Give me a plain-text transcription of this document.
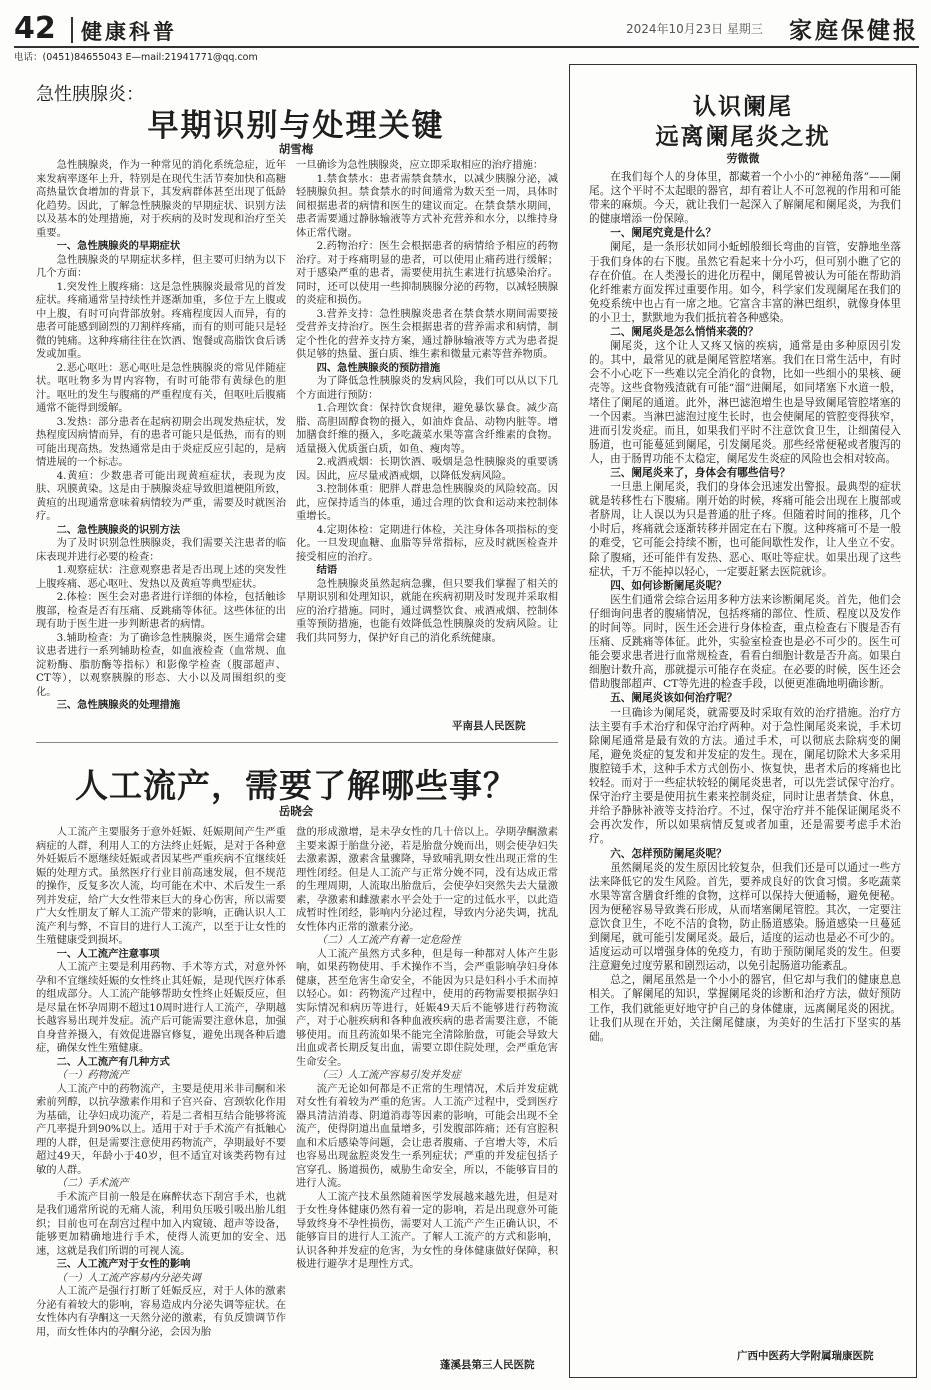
42 健康科普	2024年10月23日 星期三 家庭保健报
电话：(0451)84655043 E—mail:21941771@qq.com
急性胰腺炎：
早期识别与处理关键
胡雪梅

急性胰腺炎，作为一种常见的消化系统急症，近年来发病率逐年上升，特别是在现代生活节奏加快和高糖高热量饮食增加的背景下，其发病群体甚至出现了低龄化趋势。因此，了解急性胰腺炎的早期症状、识别方法以及基本的处理措施，对于疾病的及时发现和治疗至关重要。

一、急性胰腺炎的早期症状

急性胰腺炎的早期症状多样，但主要可归纳为以下几个方面：

1.突发性上腹疼痛：这是急性胰腺炎最常见的首发症状。疼痛通常呈持续性并逐渐加重，多位于左上腹或中上腹，有时可向背部放射。疼痛程度因人而异，有的患者可能感到剧烈的刀割样疼痛，而有的则可能只是轻微的钝痛。这种疼痛往往在饮酒、饱餐或高脂饮食后诱发或加重。

2.恶心呕吐：恶心呕吐是急性胰腺炎的常见伴随症状。呕吐物多为胃内容物，有时可能带有黄绿色的胆汁。呕吐的发生与腹痛的严重程度有关，但呕吐后腹痛通常不能得到缓解。

3.发热：部分患者在起病初期会出现发热症状，发热程度因病情而异，有的患者可能只是低热，而有的则可能出现高热。发热通常是由于炎症反应引起的，是病情进展的一个标志。

4.黄疸：少数患者可能出现黄疸症状，表现为皮肤、巩膜黄染。这是由于胰腺炎症导致胆道梗阻所致，黄疸的出现通常意味着病情较为严重，需要及时就医治疗。

二、急性胰腺炎的识别方法

为了及时识别急性胰腺炎，我们需要关注患者的临床表现并进行必要的检查：

1.观察症状：注意观察患者是否出现上述的突发性上腹疼痛、恶心呕吐、发热以及黄疸等典型症状。

2.体检：医生会对患者进行详细的体检，包括触诊腹部，检查是否有压痛、反跳痛等体征。这些体征的出现有助于医生进一步判断患者的病情。

3.辅助检查：为了确诊急性胰腺炎，医生通常会建议患者进行一系列辅助检查，如血液检查（血常规、血淀粉酶、脂肪酶等指标）和影像学检查（腹部超声、CT等），以观察胰腺的形态、大小以及周围组织的变化。

三、急性胰腺炎的处理措施

一旦确诊为急性胰腺炎，应立即采取相应的治疗措施：

1.禁食禁水：患者需禁食禁水，以减少胰腺分泌，减轻胰腺负担。禁食禁水的时间通常为数天至一周，具体时间根据患者的病情和医生的建议而定。在禁食禁水期间，患者需要通过静脉输液等方式补充营养和水分，以维持身体正常代谢。

2.药物治疗：医生会根据患者的病情给予相应的药物治疗。对于疼痛明显的患者，可以使用止痛药进行缓解；对于感染严重的患者，需要使用抗生素进行抗感染治疗。同时，还可以使用一些抑制胰腺分泌的药物，以减轻胰腺的炎症和损伤。

3.营养支持：急性胰腺炎患者在禁食禁水期间需要接受营养支持治疗。医生会根据患者的营养需求和病情，制定个性化的营养支持方案，通过静脉输液等方式为患者提供足够的热量、蛋白质、维生素和微量元素等营养物质。

四、急性胰腺炎的预防措施

为了降低急性胰腺炎的发病风险，我们可以从以下几个方面进行预防：

1.合理饮食：保持饮食规律，避免暴饮暴食。减少高脂、高胆固醇食物的摄入，如油炸食品、动物内脏等。增加膳食纤维的摄入，多吃蔬菜水果等富含纤维素的食物。适量摄入优质蛋白质，如鱼、瘦肉等。

2.戒酒戒烟：长期饮酒、吸烟是急性胰腺炎的重要诱因。因此，应尽量戒酒戒烟，以降低发病风险。

3.控制体重：肥胖人群患急性胰腺炎的风险较高。因此，应保持适当的体重，通过合理的饮食和运动来控制体重增长。

4.定期体检：定期进行体检，关注身体各项指标的变化。一旦发现血糖、血脂等异常指标，应及时就医检查并接受相应的治疗。

结语

急性胰腺炎虽然起病急骤，但只要我们掌握了相关的早期识别和处理知识，就能在疾病初期及时发现并采取相应的治疗措施。同时，通过调整饮食、戒酒戒烟、控制体重等预防措施，也能有效降低急性胰腺炎的发病风险。让我们共同努力，保护好自己的消化系统健康。

平南县人民医院
人工流产，需要了解哪些事？
岳晓会

人工流产主要服务于意外妊娠、妊娠期间产生严重病症的人群，利用人工的方法终止妊娠，是对于各种意外妊娠后不愿继续妊娠或者因某些严重疾病不宜继续妊娠的处理方式。虽然医疗行业目前高速发展，但不规范的操作，反复多次人流，均可能在术中、术后发生一系列并发症，给广大女性带来巨大的身心伤害，所以需要广大女性朋友了解人工流产带来的影响，正确认识人工流产利与弊，不盲目的进行人工流产，以至于让女性的生殖健康受到损坏。

一、人工流产注意事项

人工流产主要是利用药物、手术等方式，对意外怀孕和不宜继续妊娠的女性终止其妊娠，是现代医疗体系的组成部分。人工流产能够帮助女性终止妊娠反应，但是尽量在怀孕周期不超过10周时进行人工流产，孕期越长越容易出现并发症。流产后可能需要注意休息，加强自身营养摄入，有效促进器官修复，避免出现各种后遗症，确保女性生殖健康。

二、人工流产有几种方式

（一）药物流产

人工流产中的药物流产，主要是使用米非司酮和米索前列醇，以抗孕激素作用和子宫兴奋、宫颈软化作用为基础，让孕妇成功流产，若是二者相互结合能够将流产几率提升到90%以上。适用于对于手术流产有抵触心理的人群，但是需要注意使用药物流产，孕期最好不要超过49天，年龄小于40岁，但不适宜对该类药物有过敏的人群。

（二）手术流产

手术流产目前一般是在麻醉状态下刮宫手术，也就是我们通常所说的无痛人流，利用负压吸引吸出胎儿组织；目前也可在刮宫过程中加入内窥镜、超声等设备，能够更加精确地进行手术，使得人流更加的安全、迅速，这就是我们所谓的可视人流。

三、人工流产对于女性的影响

（一）人工流产容易内分泌失调

人工流产是强行打断了妊娠反应，对于人体的激素分泌有着较大的影响，容易造成内分泌失调等症状。在女性体内有孕酮这一天然分泌的激素，有负反馈调节作用，而女性体内的孕酮分泌，会因为胎

盘的形成激增，是未孕女性的几十倍以上。孕期孕酮激素主要来源于胎盘分泌，若是胎盘分娩而出，则会使孕妇失去激素源，激素含量骤降，导致哺乳期女性出现正常的生理性闭经。但是人工流产与正常分娩不同，没有达成正常的生理周期，人流取出胎盘后，会使孕妇突然失去大量激素，孕激素和雌激素水平会处于一定的过低水平，以此造成暂时性闭经，影响内分泌过程，导致内分泌失调，扰乱女性体内正常的激素分泌。

（二）人工流产有着一定危险性

人工流产虽然方式多种，但是每一种都对人体产生影响，如果药物使用、手术操作不当，会严重影响孕妇身体健康，甚至危害生命安全，不能因为只是妇科小手术而掉以轻心。如：药物流产过程中，使用的药物需要根据孕妇实际情况和病历等进行，妊娠49天后不能够进行药物流产，对于心脏疾病和各种血液疾病的患者需要注意，不能够使用。而且药流如果不能完全清除胎盘，可能会导致大出血或者长期反复出血，需要立即住院处理，会严重危害生命安全。

（三）人工流产容易引发并发症

流产无论如何都是不正常的生理情况，术后并发症就对女性有着较为严重的危害。人工流产过程中，受到医疗器具清洁消毒、阴道消毒等因素的影响，可能会出现不全流产，使得阴道出血量增多，引发腹部阵痛；还有宫腔积血和术后感染等问题，会让患者腹痛、子宫增大等，术后也容易出现盆腔炎发生一系列症状；严重的并发症包括子宫穿孔、肠道损伤，威胁生命安全，所以，不能够盲目的进行人流。

人工流产技术虽然随着医学发展越来越先进，但是对于女性身体健康仍然有着一定的影响，若是出现意外可能导致终身不孕性损伤，需要对人工流产产生正确认识，不能够盲目的进行人工流产。了解人工流产的方式和影响，认识各种并发症的危害，为女性的身体健康做好保障，积极进行避孕才是理性方式。

蓬溪县第三人民医院
认识阑尾
远离阑尾炎之扰
劳微微

在我们每个人的身体里，都藏着一个小小的“神秘角落”——阑尾。这个平时不太起眼的器官，却有着让人不可忽视的作用和可能带来的麻烦。今天，就让我们一起深入了解阑尾和阑尾炎，为我们的健康增添一份保障。

一、阑尾究竟是什么？

阑尾，是一条形状如同小蚯蚓般细长弯曲的盲管，安静地坐落于我们身体的右下腹。虽然它看起来十分小巧，但可别小瞧了它的存在价值。在人类漫长的进化历程中，阑尾曾被认为可能在帮助消化纤维素方面发挥过重要作用。如今，科学家们发现阑尾在我们的免疫系统中也占有一席之地。它富含丰富的淋巴组织，就像身体里的小卫士，默默地为我们抵抗着各种感染。

二、阑尾炎是怎么悄悄来袭的？

阑尾炎，这个让人又疼又恼的疾病，通常是由多种原因引发的。其中，最常见的就是阑尾管腔堵塞。我们在日常生活中，有时会不小心吃下一些难以完全消化的食物，比如一些细小的果核、硬壳等。这些食物残渣就有可能“溜”进阑尾，如同堵塞下水道一般，堵住了阑尾的通道。此外，淋巴滤泡增生也是导致阑尾管腔堵塞的一个因素。当淋巴滤泡过度生长时，也会使阑尾的管腔变得狭窄，进而引发炎症。而且，如果我们平时不注意饮食卫生，让细菌侵入肠道，也可能蔓延到阑尾，引发阑尾炎。那些经常便秘或者腹泻的人，由于肠胃功能不太稳定，阑尾发生炎症的风险也会相对较高。

三、阑尾炎来了，身体会有哪些信号？

一旦患上阑尾炎，我们的身体会迅速发出警报。最典型的症状就是转移性右下腹痛。刚开始的时候，疼痛可能会出现在上腹部或者脐周，让人误以为只是普通的肚子疼。但随着时间的推移，几个小时后，疼痛就会逐渐转移并固定在右下腹。这种疼痛可不是一般的难受，它可能会持续不断，也可能间歇性发作，让人坐立不安。除了腹痛，还可能伴有发热、恶心、呕吐等症状。如果出现了这些症状，千万不能掉以轻心，一定要赶紧去医院就诊。

四、如何诊断阑尾炎呢？

医生们通常会综合运用多种方法来诊断阑尾炎。首先，他们会仔细询问患者的腹痛情况，包括疼痛的部位、性质、程度以及发作的时间等。同时，医生还会进行身体检查，重点检查右下腹是否有压痛、反跳痛等体征。此外，实验室检查也是必不可少的。医生可能会要求患者进行血常规检查，看看白细胞计数是否升高。如果白细胞计数升高，那就提示可能存在炎症。在必要的时候，医生还会借助腹部超声、CT等先进的检查手段，以便更准确地明确诊断。

五、阑尾炎该如何治疗呢？

一旦确诊为阑尾炎，就需要及时采取有效的治疗措施。治疗方法主要有手术治疗和保守治疗两种。对于急性阑尾炎来说，手术切除阑尾通常是最有效的方法。通过手术，可以彻底去除病变的阑尾，避免炎症的复发和并发症的发生。现在，阑尾切除术大多采用腹腔镜手术，这种手术方式创伤小、恢复快，患者术后的疼痛也比较轻。而对于一些症状较轻的阑尾炎患者，可以先尝试保守治疗。保守治疗主要是使用抗生素来控制炎症，同时让患者禁食、休息，并给予静脉补液等支持治疗。不过，保守治疗并不能保证阑尾炎不会再次发作，所以如果病情反复或者加重，还是需要考虑手术治疗。

六、怎样预防阑尾炎呢？

虽然阑尾炎的发生原因比较复杂，但我们还是可以通过一些方法来降低它的发生风险。首先，要养成良好的饮食习惯。多吃蔬菜水果等富含膳食纤维的食物，这样可以保持大便通畅，避免便秘。因为便秘容易导致粪石形成，从而堵塞阑尾管腔。其次，一定要注意饮食卫生，不吃不洁的食物，防止肠道感染。肠道感染一旦蔓延到阑尾，就可能引发阑尾炎。最后，适度的运动也是必不可少的。适度运动可以增强身体的免疫力，有助于预防阑尾炎的发生。但要注意避免过度劳累和剧烈运动，以免引起肠道功能紊乱。

总之，阑尾虽然是一个小小的器官，但它却与我们的健康息息相关。了解阑尾的知识，掌握阑尾炎的诊断和治疗方法，做好预防工作，我们就能更好地守护自己的身体健康，远离阑尾炎的困扰。让我们从现在开始，关注阑尾健康，为美好的生活打下坚实的基础。

广西中医药大学附属瑞康医院
